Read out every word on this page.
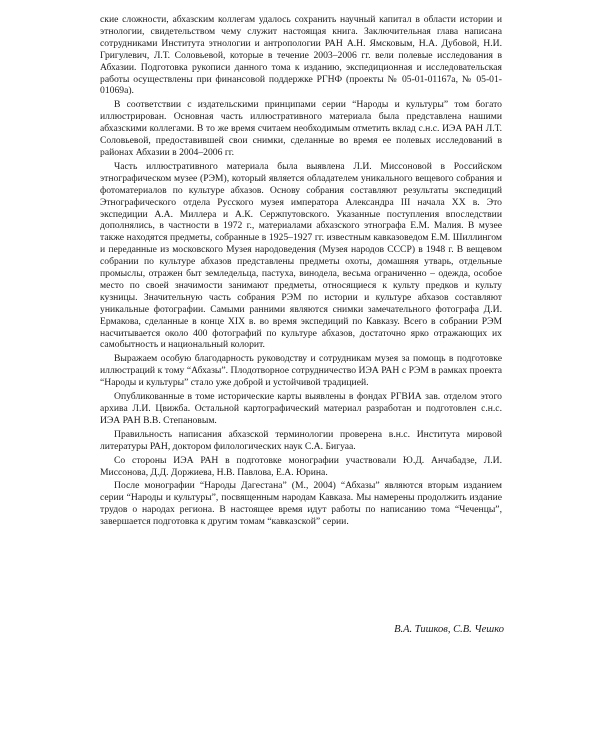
ские сложности, абхазским коллегам удалось сохранить научный капитал в области истории и этнологии, свидетельством чему служит настоящая книга. Заключительная глава написана сотрудниками Института этнологии и антропологии РАН А.Н. Ямсковым, Н.А. Дубовой, Н.И. Григулевич, Л.Т. Соловьевой, которые в течение 2003–2006 гг. вели полевые исследования в Абхазии. Подготовка рукописи данного тома к изданию, экспедиционная и исследовательская работы осуществлены при финансовой поддержке РГНФ (проекты № 05-01-01167а, № 05-01-01069а).

В соответствии с издательскими принципами серии “Народы и культуры” том богато иллюстрирован. Основная часть иллюстративного материала была представлена нашими абхазскими коллегами. В то же время считаем необходимым отметить вклад с.н.с. ИЭА РАН Л.Т. Соловьевой, предоставившей свои снимки, сделанные во время ее полевых исследований в районах Абхазии в 2004–2006 гг.

Часть иллюстративного материала была выявлена Л.И. Миссоновой в Российском этнографическом музее (РЭМ), который является обладателем уникального вещевого собрания и фотоматериалов по культуре абхазов. Основу собрания составляют результаты экспедиций Этнографического отдела Русского музея императора Александра III начала ХХ в. Это экспедиции А.А. Миллера и А.К. Сержпутовского. Указанные поступления впоследствии дополнялись, в частности в 1972 г., материалами абхазского этнографа Е.М. Малия. В музее также находятся предметы, собранные в 1925–1927 гг. известным кавказоведом Е.М. Шиллингом и переданные из московского Музея народоведения (Музея народов СССР) в 1948 г. В вещевом собрании по культуре абхазов представлены предметы охоты, домашняя утварь, отдельные промыслы, отражен быт земледельца, пастуха, винодела, весьма ограниченно – одежда, особое место по своей значимости занимают предметы, относящиеся к культу предков и культу кузницы. Значительную часть собрания РЭМ по истории и культуре абхазов составляют уникальные фотографии. Самыми ранними являются снимки замечательного фотографа Д.И. Ермакова, сделанные в конце XIX в. во время экспедиций по Кавказу. Всего в собрании РЭМ насчитывается около 400 фотографий по культуре абхазов, достаточно ярко отражающих их самобытность и национальный колорит.

Выражаем особую благодарность руководству и сотрудникам музея за помощь в подготовке иллюстраций к тому “Абхазы”. Плодотворное сотрудничество ИЭА РАН с РЭМ в рамках проекта “Народы и культуры” стало уже доброй и устойчивой традицией.

Опубликованные в томе исторические карты выявлены в фондах РГВИА зав. отделом этого архива Л.И. Цвижба. Остальной картографический материал разработан и подготовлен с.н.с. ИЭА РАН В.В. Степановым.

Правильность написания абхазской терминологии проверена в.н.с. Института мировой литературы РАН, доктором филологических наук С.А. Бигуаа.

Со стороны ИЭА РАН в подготовке монографии участвовали Ю.Д. Анчабадзе, Л.И. Миссонова, Д.Д. Доржиева, Н.В. Павлова, Е.А. Юрина.

После монографии “Народы Дагестана” (М., 2004) “Абхазы” являются вторым изданием серии “Народы и культуры”, посвященным народам Кавказа. Мы намерены продолжить издание трудов о народах региона. В настоящее время идут работы по написанию тома “Чеченцы”, завершается подготовка к другим томам “кавказской” серии.

В.А. Тишков, С.В. Чешко
